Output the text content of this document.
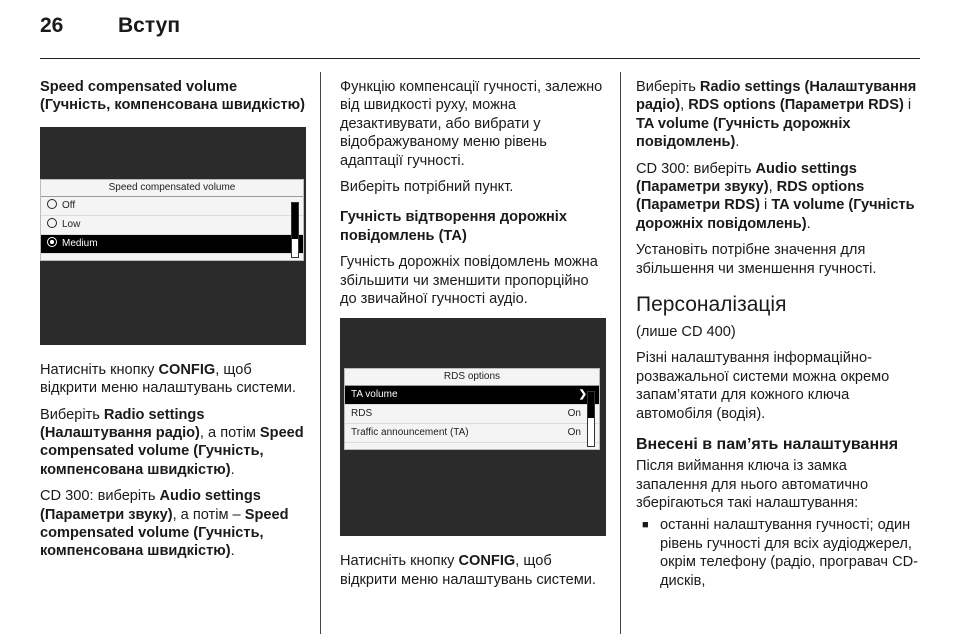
26	Вступ

Speed compensated volume (Гучність, компенсована швидкістю)

Speed compensated volume
Off
Low
Medium

Натисніть кнопку CONFIG, щоб відкрити меню налаштувань системи.

Виберіть Radio settings (Налаштування радіо), а потім Speed compensated volume (Гучність, компенсована швидкістю).

CD 300: виберіть Audio settings (Параметри звуку), а потім – Speed compensated volume (Гучність, компенсована швидкістю).

Функцію компенсації гучності, залежно від швидкості руху, можна дезактивувати, або вибрати у відображуваному меню рівень адаптації гучності.

Виберіть потрібний пункт.

Гучність відтворення дорожніх повідомлень (ТА)

Гучність дорожніх повідомлень можна збільшити чи зменшити пропорційно до звичайної гучності аудіо.

RDS options
TA volume	❯
RDS	On
Traffic announcement (TA)	On

Натисніть кнопку CONFIG, щоб відкрити меню налаштувань системи.

Виберіть Radio settings (Налаштування радіо), RDS options (Параметри RDS) і TA volume (Гучність дорожніх повідомлень).

CD 300: виберіть Audio settings (Параметри звуку), RDS options (Параметри RDS) і TA volume (Гучність дорожніх повідомлень).

Установіть потрібне значення для збільшення чи зменшення гучності.

Персоналізація

(лише CD 400)

Різні налаштування інформаційно-розважальної системи можна окремо запам’ятати для кожного ключа автомобіля (водія).

Внесені в пам’ять налаштування

Після виймання ключа із замка запалення для нього автоматично зберігаються такі налаштування:

■ останні налаштування гучності; один рівень гучності для всіх аудіоджерел, окрім телефону (радіо, програвач CD-дисків,
